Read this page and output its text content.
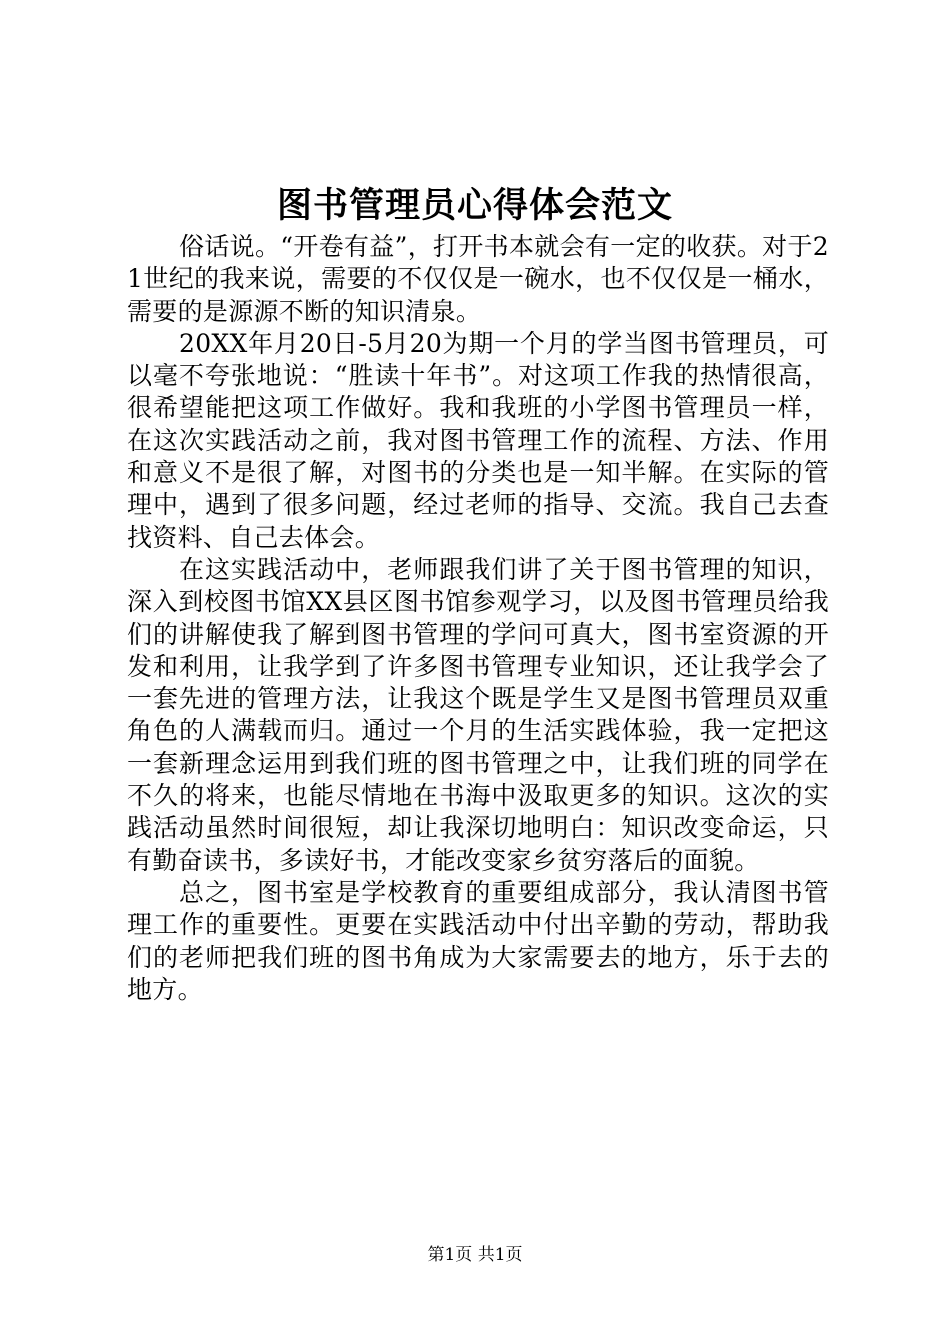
图书管理员心得体会范文

俗话说。“开卷有益”，打开书本就会有一定的收获。对于21世纪的我来说，需要的不仅仅是一碗水，也不仅仅是一桶水，需要的是源源不断的知识清泉。

20XX年月20日-5月20为期一个月的学当图书管理员，可以毫不夸张地说：“胜读十年书”。对这项工作我的热情很高，很希望能把这项工作做好。我和我班的小学图书管理员一样，在这次实践活动之前，我对图书管理工作的流程、方法、作用和意义不是很了解，对图书的分类也是一知半解。在实际的管理中，遇到了很多问题，经过老师的指导、交流。我自己去查找资料、自己去体会。

在这实践活动中，老师跟我们讲了关于图书管理的知识，深入到校图书馆XX县区图书馆参观学习，以及图书管理员给我们的讲解使我了解到图书管理的学问可真大，图书室资源的开发和利用，让我学到了许多图书管理专业知识，还让我学会了一套先进的管理方法，让我这个既是学生又是图书管理员双重角色的人满载而归。通过一个月的生活实践体验，我一定把这一套新理念运用到我们班的图书管理之中，让我们班的同学在不久的将来，也能尽情地在书海中汲取更多的知识。这次的实践活动虽然时间很短，却让我深切地明白：知识改变命运，只有勤奋读书，多读好书，才能改变家乡贫穷落后的面貌。

总之，图书室是学校教育的重要组成部分，我认清图书管理工作的重要性。更要在实践活动中付出辛勤的劳动，帮助我们的老师把我们班的图书角成为大家需要去的地方，乐于去的地方。

第1页 共1页
